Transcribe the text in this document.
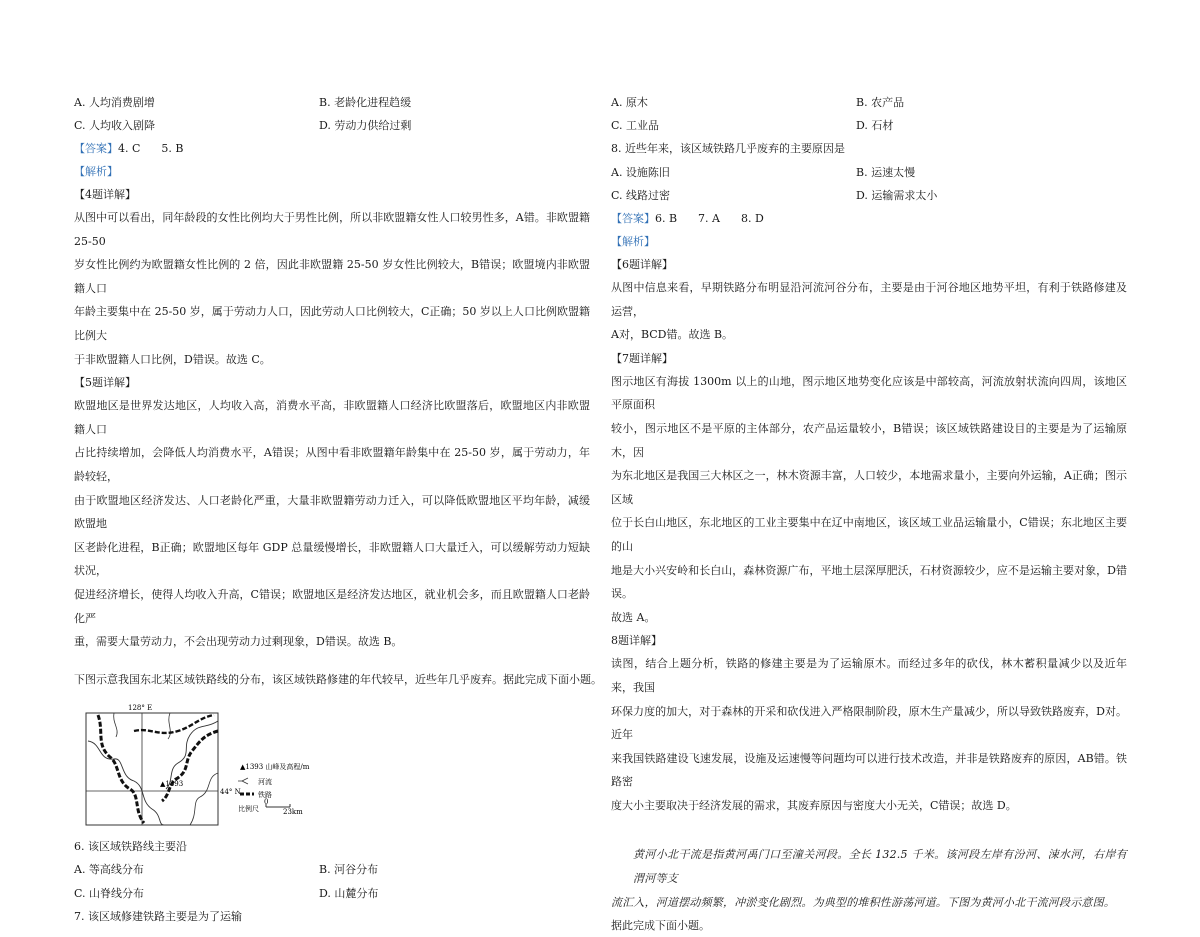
A. 人均消费剧增	B. 老龄化进程趋缓
C. 人均收入剧降	D. 劳动力供给过剩
【答案】4. C      5. B
【解析】
【4题详解】
从图中可以看出，同年龄段的女性比例均大于男性比例，所以非欧盟籍女性人口较男性多，A错。非欧盟籍 25-50
岁女性比例约为欧盟籍女性比例的 2 倍，因此非欧盟籍 25-50 岁女性比例较大，B错误；欧盟境内非欧盟籍人口
年龄主要集中在 25-50 岁，属于劳动力人口，因此劳动人口比例较大，C正确；50 岁以上人口比例欧盟籍比例大
于非欧盟籍人口比例，D错误。故选 C。
【5题详解】
欧盟地区是世界发达地区，人均收入高，消费水平高，非欧盟籍人口经济比欧盟落后，欧盟地区内非欧盟籍人口
占比持续增加，会降低人均消费水平，A错误；从图中看非欧盟籍年龄集中在 25-50 岁，属于劳动力，年龄较轻，
由于欧盟地区经济发达、人口老龄化严重，大量非欧盟籍劳动力迁入，可以降低欧盟地区平均年龄，减缓欧盟地
区老龄化进程，B正确；欧盟地区每年 GDP 总量缓慢增长，非欧盟籍人口大量迁入，可以缓解劳动力短缺状况，
促进经济增长，使得人均收入升高，C错误；欧盟地区是经济发达地区，就业机会多，而且欧盟籍人口老龄化严
重，需要大量劳动力，不会出现劳动力过剩现象，D错误。故选 B。
下图示意我国东北某区域铁路线的分布，该区域铁路修建的年代较早，近些年几乎废弃。据此完成下面小题。
128° E
44° N
▲1393
▲1393 山峰及高程/m
河流
铁路
比例尺
0
23km
6. 该区域铁路线主要沿
A. 等高线分布	B. 河谷分布
C. 山脊线分布	D. 山麓分布
7. 该区域修建铁路主要是为了运输
A. 原木	B. 农产品
C. 工业品	D. 石材
8. 近些年来，该区域铁路几乎废弃的主要原因是
A. 设施陈旧	B. 运速太慢
C. 线路过密	D. 运输需求太小
【答案】6. B      7. A      8. D
【解析】
【6题详解】
从图中信息来看，早期铁路分布明显沿河流河谷分布，主要是由于河谷地区地势平坦，有利于铁路修建及运营，
A对，BCD错。故选 B。
【7题详解】
图示地区有海拔 1300m 以上的山地，图示地区地势变化应该是中部较高，河流放射状流向四周，该地区平原面积
较小，图示地区不是平原的主体部分，农产品运量较小，B错误；该区域铁路建设目的主要是为了运输原木，因
为东北地区是我国三大林区之一，林木资源丰富，人口较少，本地需求量小，主要向外运输，A正确；图示区域
位于长白山地区，东北地区的工业主要集中在辽中南地区，该区域工业品运输量小，C错误；东北地区主要的山
地是大小兴安岭和长白山，森林资源广布，平地土层深厚肥沃，石材资源较少，应不是运输主要对象，D错误。
故选 A。
8题详解】
读图，结合上题分析，铁路的修建主要是为了运输原木。而经过多年的砍伐，林木蓄积量减少以及近年来，我国
环保力度的加大，对于森林的开采和砍伐进入严格限制阶段，原木生产量减少，所以导致铁路废弃，D对。近年
来我国铁路建设飞速发展，设施及运速慢等问题均可以进行技术改造，并非是铁路废弃的原因，AB错。铁路密
度大小主要取决于经济发展的需求，其废弃原因与密度大小无关，C错误；故选 D。
黄河小北干流是指黄河禹门口至潼关河段。全长 132.5 千米。该河段左岸有汾河、涑水河，右岸有渭河等支
流汇入，河道摆动频繁，冲淤变化剧烈。为典型的堆积性游荡河道。下图为黄河小北干流河段示意图。
据此完成下面小题。
